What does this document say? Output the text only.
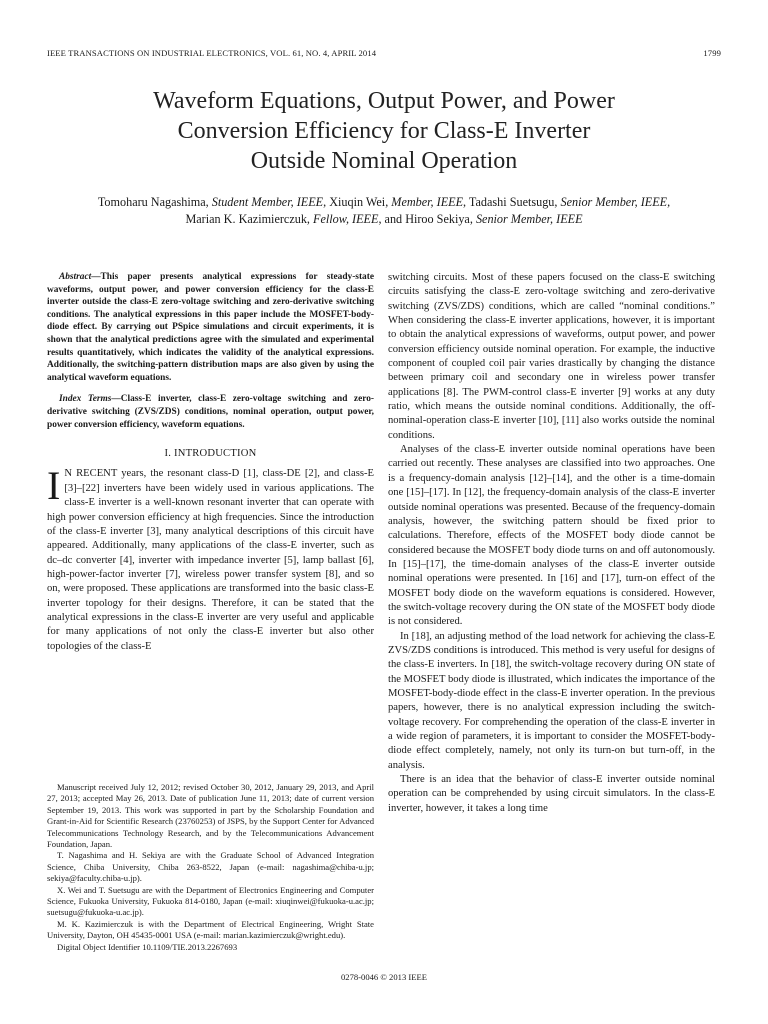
IEEE TRANSACTIONS ON INDUSTRIAL ELECTRONICS, VOL. 61, NO. 4, APRIL 2014	1799
Waveform Equations, Output Power, and Power
Conversion Efficiency for Class-E Inverter
Outside Nominal Operation
Tomoharu Nagashima, Student Member, IEEE, Xiuqin Wei, Member, IEEE, Tadashi Suetsugu, Senior Member, IEEE,
Marian K. Kazimierczuk, Fellow, IEEE, and Hiroo Sekiya, Senior Member, IEEE

Abstract—This paper presents analytical expressions for steady-state waveforms, output power, and power conversion efficiency for the class-E inverter outside the class-E zero-voltage switching and zero-derivative switching conditions. The analytical expressions in this paper include the MOSFET-body-diode effect. By carrying out PSpice simulations and circuit experiments, it is shown that the analytical predictions agree with the simulated and experimental results quantitatively, which indicates the validity of the analytical expressions. Additionally, the switching-pattern distribution maps are also given by using the analytical waveform equations.

Index Terms—Class-E inverter, class-E zero-voltage switching and zero-derivative switching (ZVS/ZDS) conditions, nominal operation, output power, power conversion efficiency, waveform equations.

I. INTRODUCTION

I N RECENT years, the resonant class-D [1], class-DE [2], and class-E [3]–[22] inverters have been widely used in various applications. The class-E inverter is a well-known resonant inverter that can operate with high power conversion efficiency at high frequencies. Since the introduction of the class-E inverter [3], many analytical descriptions of this circuit have appeared. Additionally, many applications of the class-E inverter, such as dc–dc converter [4], inverter with impedance inverter [5], lamp ballast [6], high-power-factor inverter [7], wireless power transfer system [8], and so on, were proposed. These applications are transformed into the basic class-E inverter topology for their designs. Therefore, it can be stated that the analytical expressions in the class-E inverter are very useful and applicable for many applications of not only the class-E inverter but also other topologies of the class-E

Manuscript received July 12, 2012; revised October 30, 2012, January 29, 2013, and April 27, 2013; accepted May 26, 2013. Date of publication June 11, 2013; date of current version September 19, 2013. This work was supported in part by the Scholarship Foundation and Grant-in-Aid for Scientific Research (23760253) of JSPS, by the Support Center for Advanced Telecommunications Technology Research, and by the Telecommunications Advancement Foundation, Japan.

T. Nagashima and H. Sekiya are with the Graduate School of Advanced Integration Science, Chiba University, Chiba 263-8522, Japan (e-mail: nagashima@chiba-u.jp; sekiya@faculty.chiba-u.jp).

X. Wei and T. Suetsugu are with the Department of Electronics Engineering and Computer Science, Fukuoka University, Fukuoka 814-0180, Japan (e-mail: xiuqinwei@fukuoka-u.ac.jp; suetsugu@fukuoka-u.ac.jp).

M. K. Kazimierczuk is with the Department of Electrical Engineering, Wright State University, Dayton, OH 45435-0001 USA (e-mail: marian.kazimierczuk@wright.edu).

Digital Object Identifier 10.1109/TIE.2013.2267693

switching circuits. Most of these papers focused on the class-E switching circuits satisfying the class-E zero-voltage switching and zero-derivative switching (ZVS/ZDS) conditions, which are called “nominal conditions.” When considering the class-E inverter applications, however, it is important to obtain the analytical expressions of waveforms, output power, and power conversion efficiency outside nominal operation. For example, the inductive component of coupled coil pair varies drastically by changing the distance between primary coil and secondary one in wireless power transfer applications [8]. The PWM-control class-E inverter [9] works at any duty ratio, which means the outside nominal conditions. Additionally, the off-nominal-operation class-E inverter [10], [11] also works outside the nominal conditions.

Analyses of the class-E inverter outside nominal operations have been carried out recently. These analyses are classified into two approaches. One is a frequency-domain analysis [12]–[14], and the other is a time-domain one [15]–[17]. In [12], the frequency-domain analysis of the class-E inverter outside nominal operations was presented. Because of the frequency-domain analysis, however, the switching pattern should be fixed prior to calculations. Therefore, effects of the MOSFET body diode cannot be considered because the MOSFET body diode turns on and off autonomously. In [15]–[17], the time-domain analyses of the class-E inverter outside nominal operations were presented. In [16] and [17], turn-on effect of the MOSFET body diode on the waveform equations is considered. However, the switch-voltage recovery during the ON state of the MOSFET body diode is not considered.

In [18], an adjusting method of the load network for achieving the class-E ZVS/ZDS conditions is introduced. This method is very useful for designs of the class-E inverters. In [18], the switch-voltage recovery during ON state of the MOSFET body diode is illustrated, which indicates the importance of the MOSFET-body-diode effect in the class-E inverter operation. In the previous papers, however, there is no analytical expression including the switch-voltage recovery. For comprehending the operation of the class-E inverter in a wide region of parameters, it is important to consider the MOSFET-body-diode effect completely, namely, not only its turn-on but turn-off, in the analysis.

There is an idea that the behavior of class-E inverter outside nominal operation can be comprehended by using circuit simulators. In the class-E inverter, however, it takes a long time

0278-0046 © 2013 IEEE
